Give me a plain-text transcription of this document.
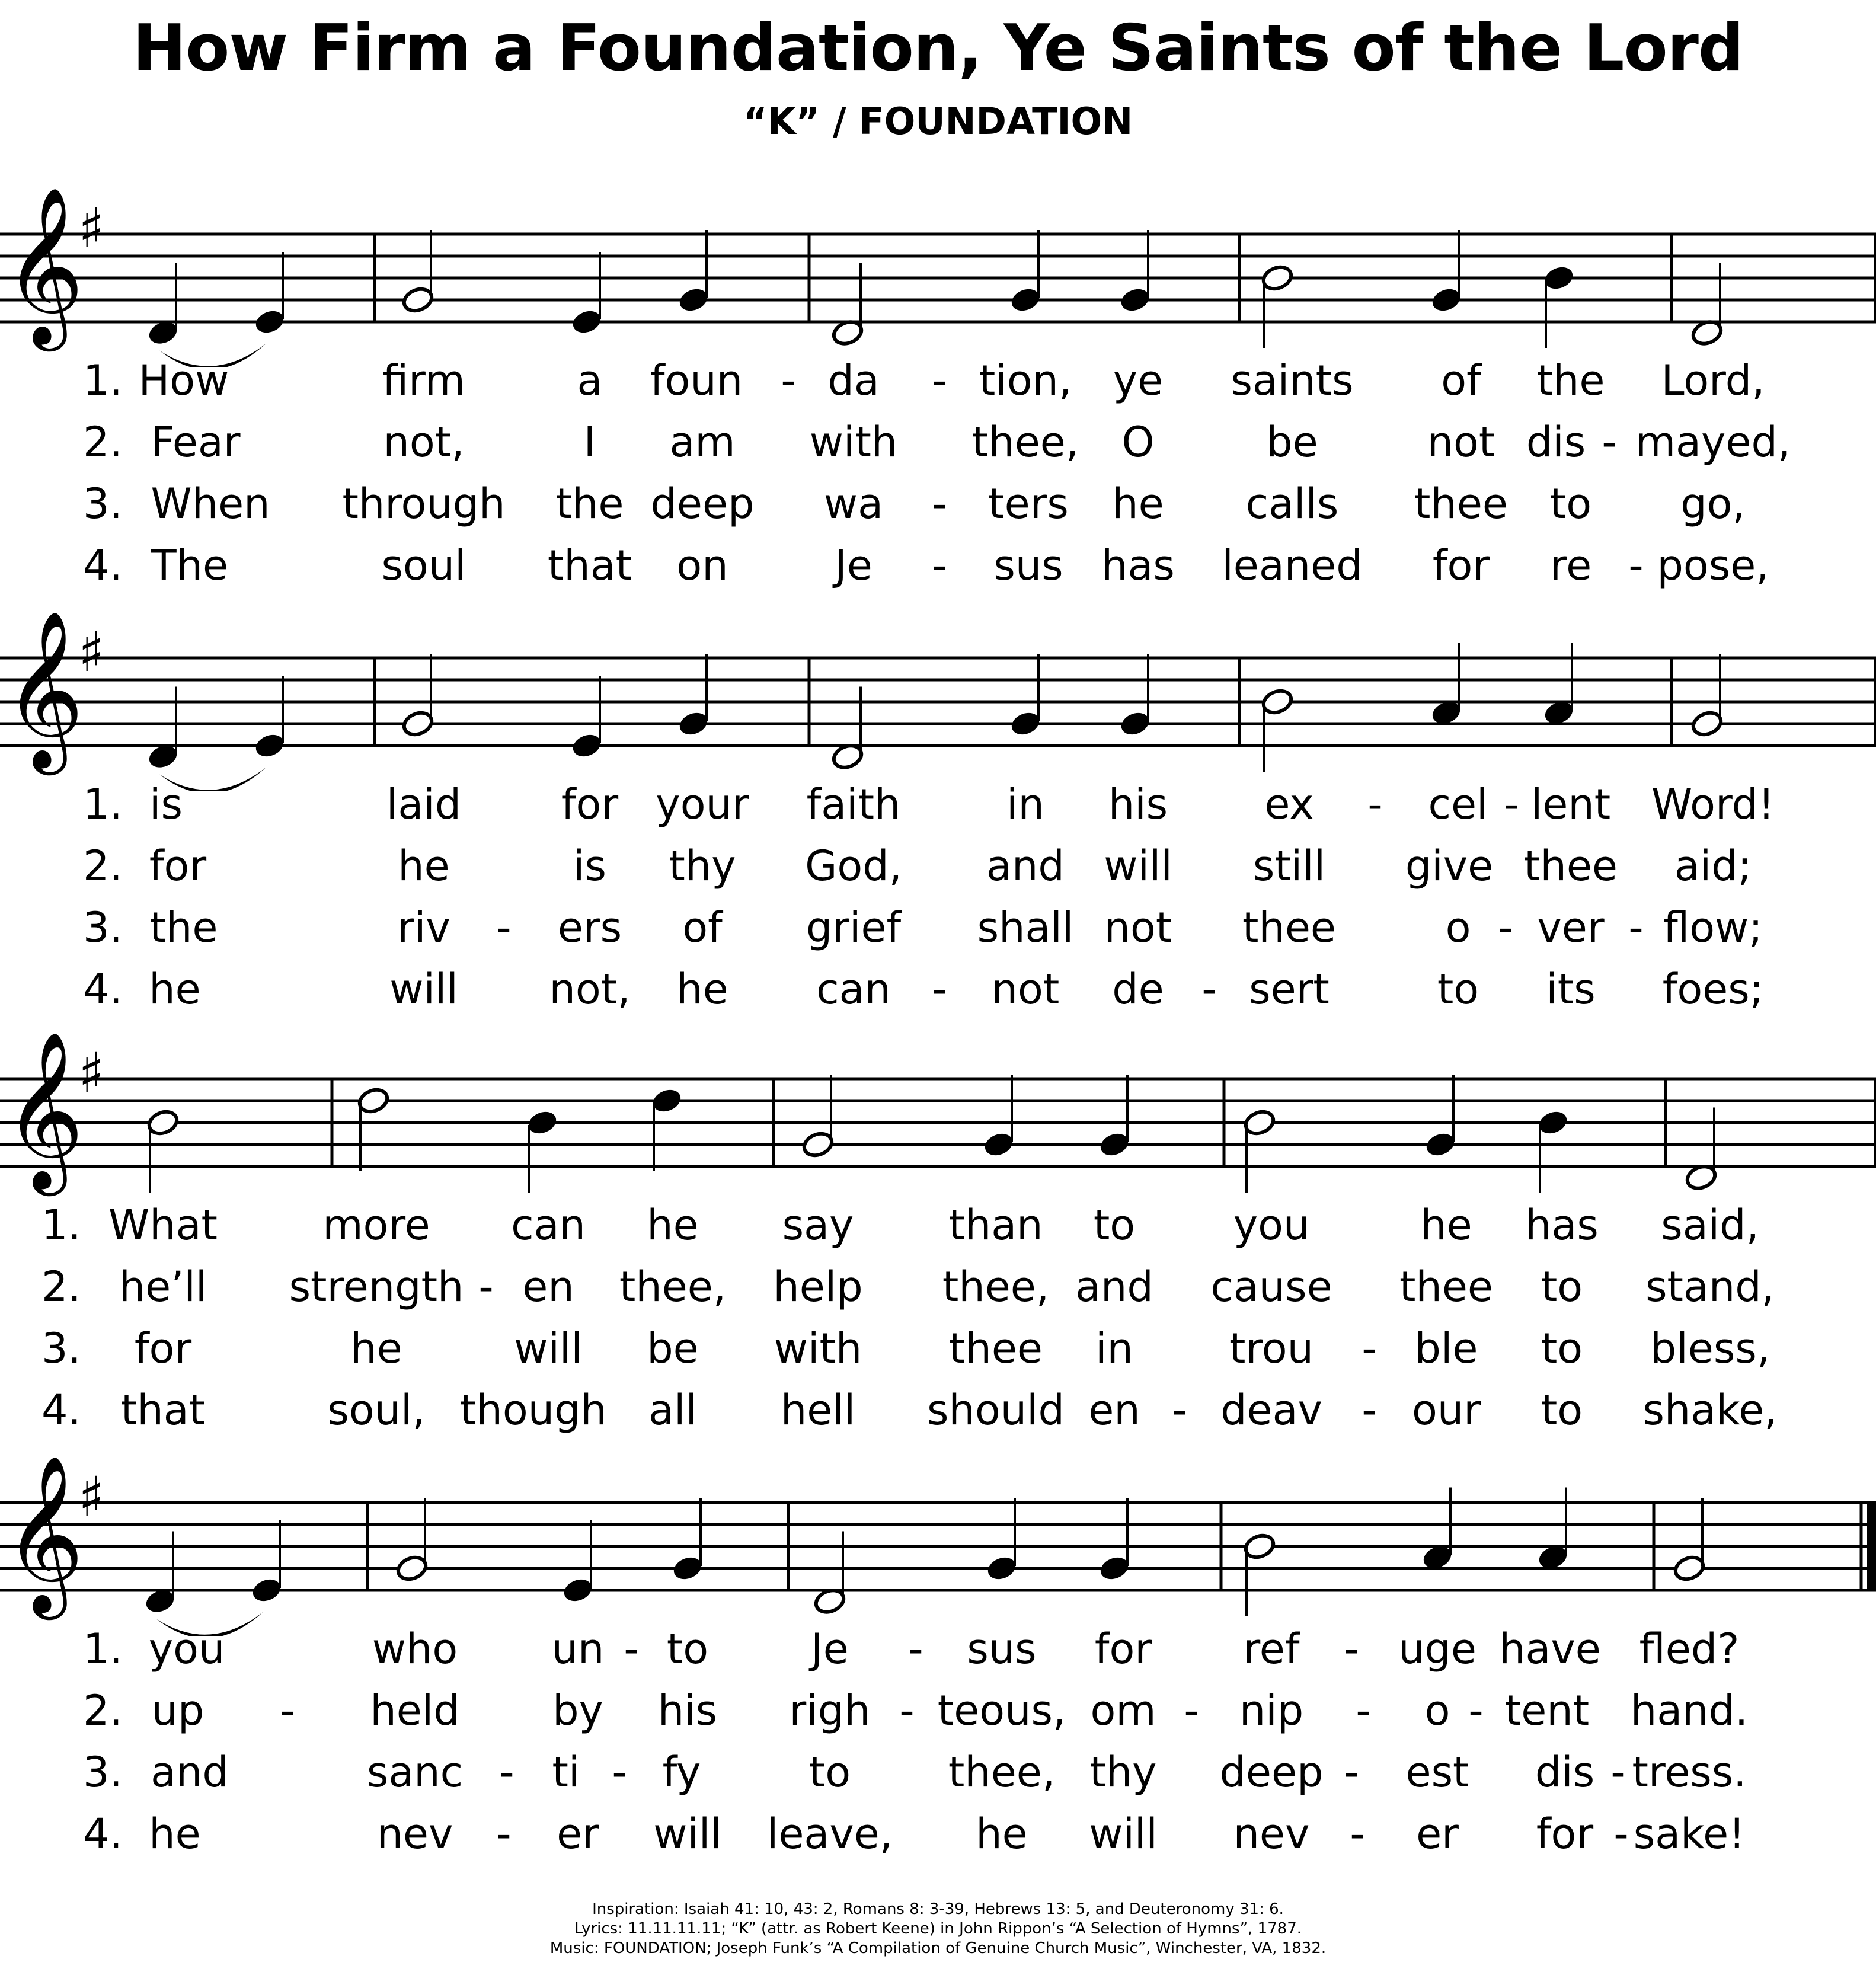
How Firm a Foundation, Ye Saints of the Lord
“K” / FOUNDATION
𝄞
♯
1. How	firm	a foun - da - tion, ye saints of the Lord,
2. Fear	not,	I am with thee, O	be	not dis - mayed,
3. When through the deep wa - ters he calls thee to go,
4. The	soul that on	Je - sus has leaned for re - pose,
𝄞
♯
1. is	laid for your faith	in his ex - cel - lent Word!
2. for	he	is thy God, and will still give thee aid;
3. the	riv - ers of grief shall not thee	o - ver - flow;
4. he	will not, he can - not de - sert	to its foes;
𝄞
♯
1. What	more can he say than to you	he has said,
2. he’ll strength - en thee, help thee, and cause thee to stand,
3. for	he	will be with thee in trou - ble to bless,
4. that	soul, though all hell should en - deav - our to shake,
𝄞
♯
1. you	who un - to Je - sus for ref - uge have fled?
2. up - held by his righ - teous, om - nip - o - tent hand.
3. and	sanc - ti - fy	to thee, thy deep - est dis - tress.
4. he	nev - er will leave, he will nev - er for - sake!
Inspiration: Isaiah 41: 10, 43: 2, Romans 8: 3-39, Hebrews 13: 5, and Deuteronomy 31: 6.
Lyrics: 11.11.11.11; “K” (attr. as Robert Keene) in John Rippon’s “A Selection of Hymns”, 1787.
Music: FOUNDATION; Joseph Funk’s “A Compilation of Genuine Church Music”, Winchester, VA, 1832.
